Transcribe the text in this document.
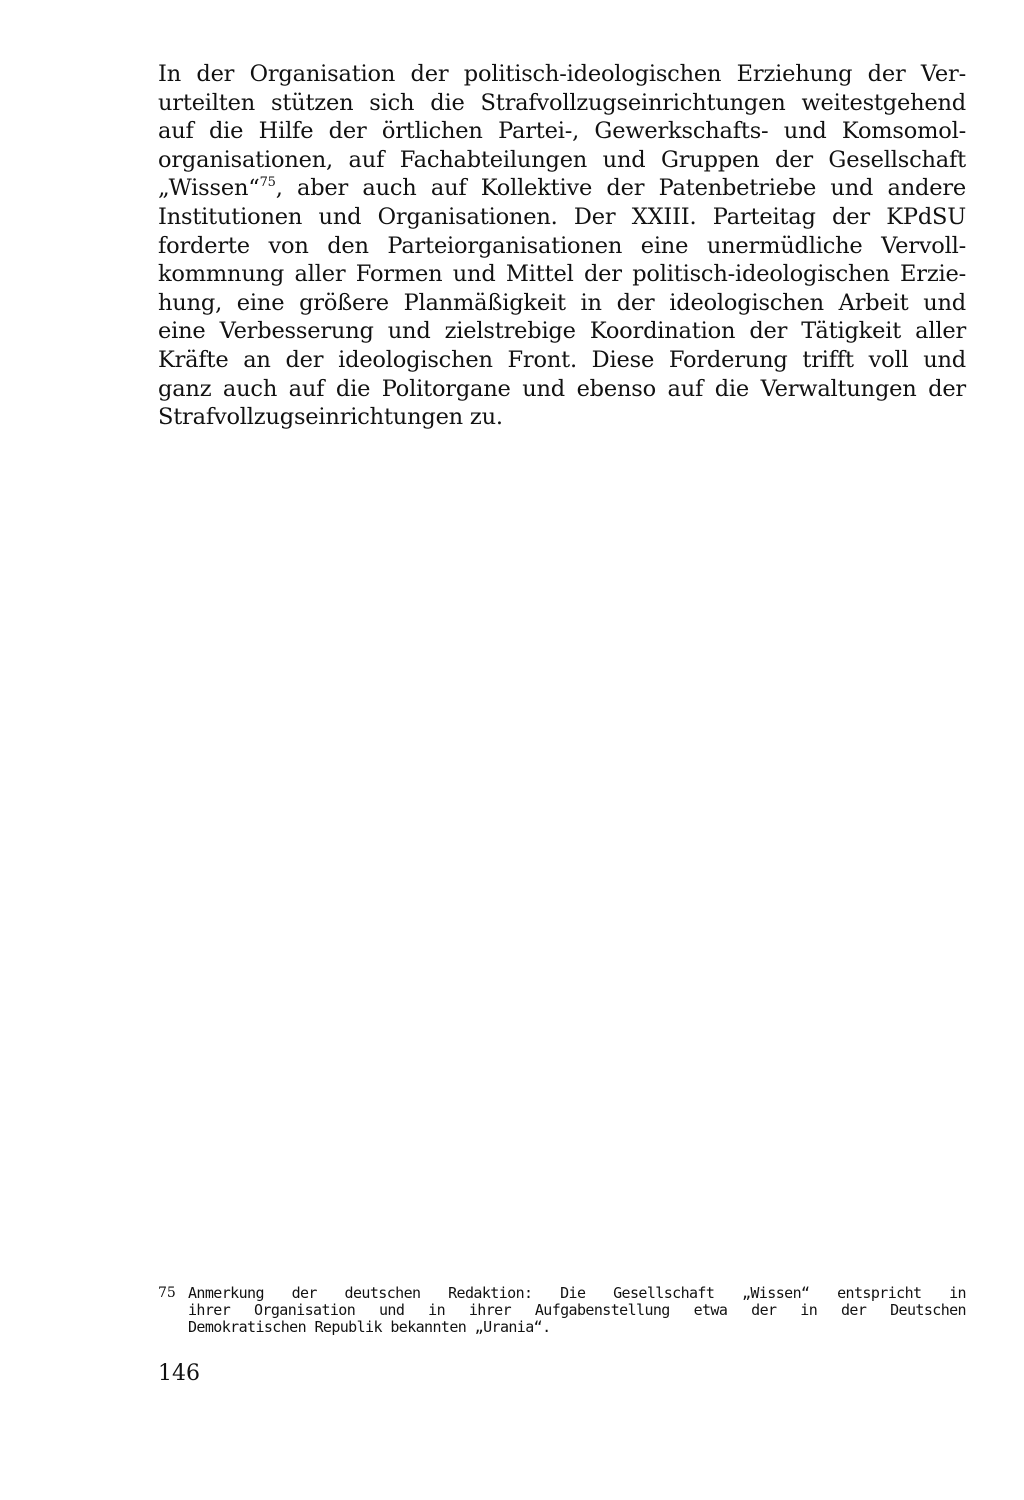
In der Organisation der politisch-ideologischen Erziehung der Ver-
urteilten stützen sich die Strafvollzugseinrichtungen weitestgehend
auf die Hilfe der örtlichen Partei-, Gewerkschafts- und Komsomol-
organisationen, auf Fachabteilungen und Gruppen der Gesellschaft
„Wissen“$^{75}$, aber auch auf Kollektive der Patenbetriebe und andere
Institutionen und Organisationen. Der XXIII. Parteitag der KPdSU
forderte von den Parteiorganisationen eine unermüdliche Vervoll-
kommnung aller Formen und Mittel der politisch-ideologischen Erzie-
hung, eine größere Planmäßigkeit in der ideologischen Arbeit und
eine Verbesserung und zielstrebige Koordination der Tätigkeit aller
Kräfte an der ideologischen Front. Diese Forderung trifft voll und
ganz auch auf die Politorgane und ebenso auf die Verwaltungen der
Strafvollzugseinrichtungen zu.
75 Anmerkung der deutschen Redaktion: Die Gesellschaft „Wissen“ entspricht in
ihrer Organisation und in ihrer Aufgabenstellung etwa der in der Deutschen
Demokratischen Republik bekannten „Urania“.
146
